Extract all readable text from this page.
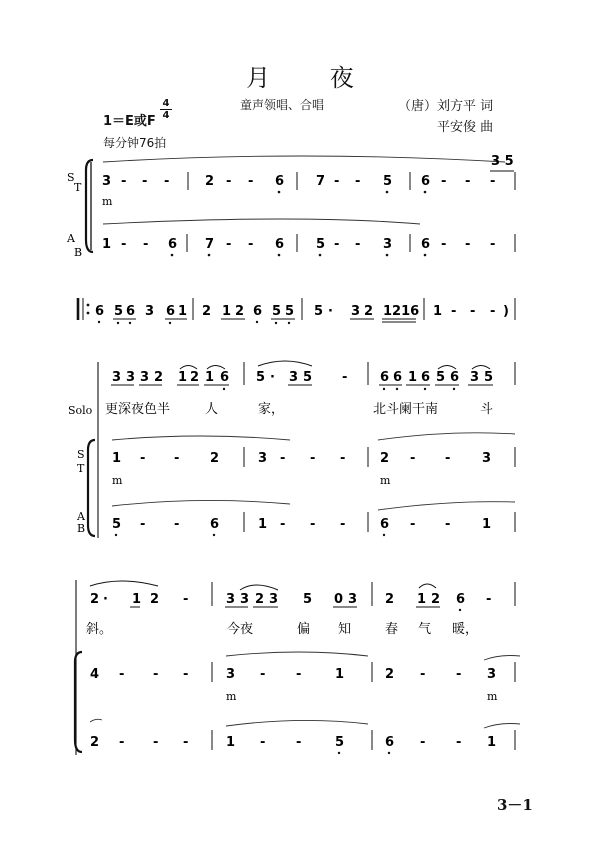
月 夜
童声领唱、合唱	（唐）刘方平 词
平安俊 曲
1＝E或F
4
4
每分钟76拍
S
T
A
B
3 - - -	2 - - 6 7 - - 5 6 - - -
3 5
m
1 - - 6 7 - - 6 5 - - 3 6 - - -
6 5 6 3 6 1 2 1 2 6 5 5 5 · 3 2 1216 1 - - - )
Solo
S
T
A
B
3 3 3 2 1 2 1 6 5 · 3 5 -	6 6 1 6 5 6 3 5
更深夜色半	人	家，	北斗阑干南	斗
1 - - 2	3 - - -	2 - - 3
m	m
5 - - 6	1 - - -	6 - - 1
2 · 1 2 -	3 3 2 3 5 0 3 2 1 2 6 -
斜。	今夜	偏 知	春 气 暖，
4 - - -	3 - -	1	2 - - 3
m	m
2 - - -	1 - -	5	6 - - 1
3－1
